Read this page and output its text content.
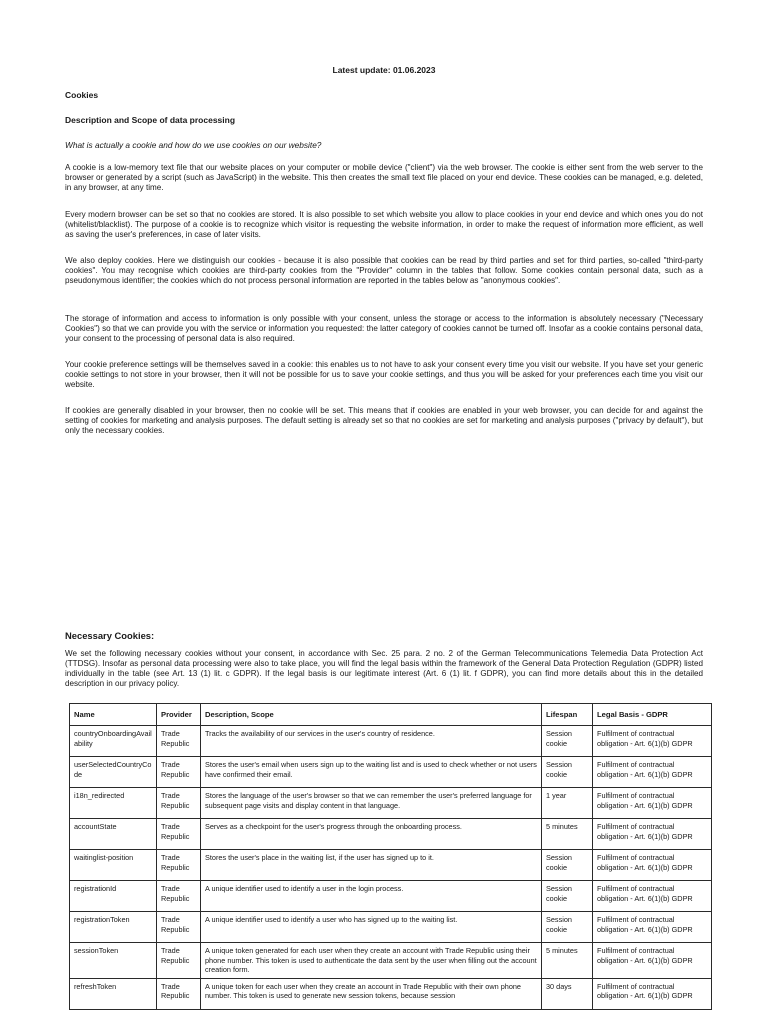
Latest update: 01.06.2023
Cookies
Description and Scope of data processing
What is actually a cookie and how do we use cookies on our website?

A cookie is a low-memory text file that our website places on your computer or mobile device ("client") via the web browser. The cookie is either sent from the web server to the browser or generated by a script (such as JavaScript) in the website. This then creates the small text file placed on your end device. These cookies can be managed, e.g. deleted, in any browser, at any time.

Every modern browser can be set so that no cookies are stored. It is also possible to set which website you allow to place cookies in your end device and which ones you do not (whitelist/blacklist). The purpose of a cookie is to recognize which visitor is requesting the website information, in order to make the request of information more efficient, as well as saving the user's preferences, in case of later visits.

We also deploy cookies. Here we distinguish our cookies - because it is also possible that cookies can be read by third parties and set for third parties, so-called "third-party cookies". You may recognise which cookies are third-party cookies from the "Provider" column in the tables that follow. Some cookies contain personal data, such as a pseudonymous identifier; the cookies which do not process personal information are reported in the tables below as "anonymous cookies".

The storage of information and access to information is only possible with your consent, unless the storage or access to the information is absolutely necessary ("Necessary Cookies") so that we can provide you with the service or information you requested: the latter category of cookies cannot be turned off. Insofar as a cookie contains personal data, your consent to the processing of personal data is also required.

Your cookie preference settings will be themselves saved in a cookie: this enables us to not have to ask your consent every time you visit our website. If you have set your generic cookie settings to not store in your browser, then it will not be possible for us to save your cookie settings, and thus you will be asked for your preferences each time you visit our website.

If cookies are generally disabled in your browser, then no cookie will be set. This means that if cookies are enabled in your web browser, you can decide for and against the setting of cookies for marketing and analysis purposes. The default setting is already set so that no cookies are set for marketing and analysis purposes ("privacy by default"), but only the necessary cookies.

Necessary Cookies:

We set the following necessary cookies without your consent, in accordance with Sec. 25 para. 2 no. 2 of the German Telecommunications Telemedia Data Protection Act (TTDSG). Insofar as personal data processing were also to take place, you will find the legal basis within the framework of the General Data Protection Regulation (GDPR) listed individually in the table (see Art. 13 (1) lit. c GDPR). If the legal basis is our legitimate interest (Art. 6 (1) lit. f GDPR), you can find more details about this in the detailed description in our privacy policy.

Name	Provider	Description, Scope	Lifespan	Legal Basis - GDPR
countryOnboardingAvailability	Trade Republic	Tracks the availability of our services in the user's country of residence.	Session cookie	Fulfilment of contractual obligation - Art. 6(1)(b) GDPR
userSelectedCountryCode	Trade Republic	Stores the user's email when users sign up to the waiting list and is used to check whether or not users have confirmed their email.	Session cookie	Fulfilment of contractual obligation - Art. 6(1)(b) GDPR
i18n_redirected	Trade Republic	Stores the language of the user's browser so that we can remember the user's preferred language for subsequent page visits and display content in that language.	1 year	Fulfilment of contractual obligation - Art. 6(1)(b) GDPR
accountState	Trade Republic	Serves as a checkpoint for the user's progress through the onboarding process.	5 minutes	Fulfilment of contractual obligation - Art. 6(1)(b) GDPR
waitinglist-position	Trade Republic	Stores the user's place in the waiting list, if the user has signed up to it.	Session cookie	Fulfilment of contractual obligation - Art. 6(1)(b) GDPR
registrationId	Trade Republic	A unique identifier used to identify a user in the login process.	Session cookie	Fulfilment of contractual obligation - Art. 6(1)(b) GDPR
registrationToken	Trade Republic	A unique identifier used to identify a user who has signed up to the waiting list.	Session cookie	Fulfilment of contractual obligation - Art. 6(1)(b) GDPR
sessionToken	Trade Republic	A unique token generated for each user when they create an account with Trade Republic using their phone number. This token is used to authenticate the data sent by the user when filling out the account creation form.	5 minutes	Fulfilment of contractual obligation - Art. 6(1)(b) GDPR
refreshToken	Trade Republic	A unique token for each user when they create an account in Trade Republic with their own phone number. This token is used to generate new session tokens, because session	30 days	Fulfilment of contractual obligation - Art. 6(1)(b) GDPR
